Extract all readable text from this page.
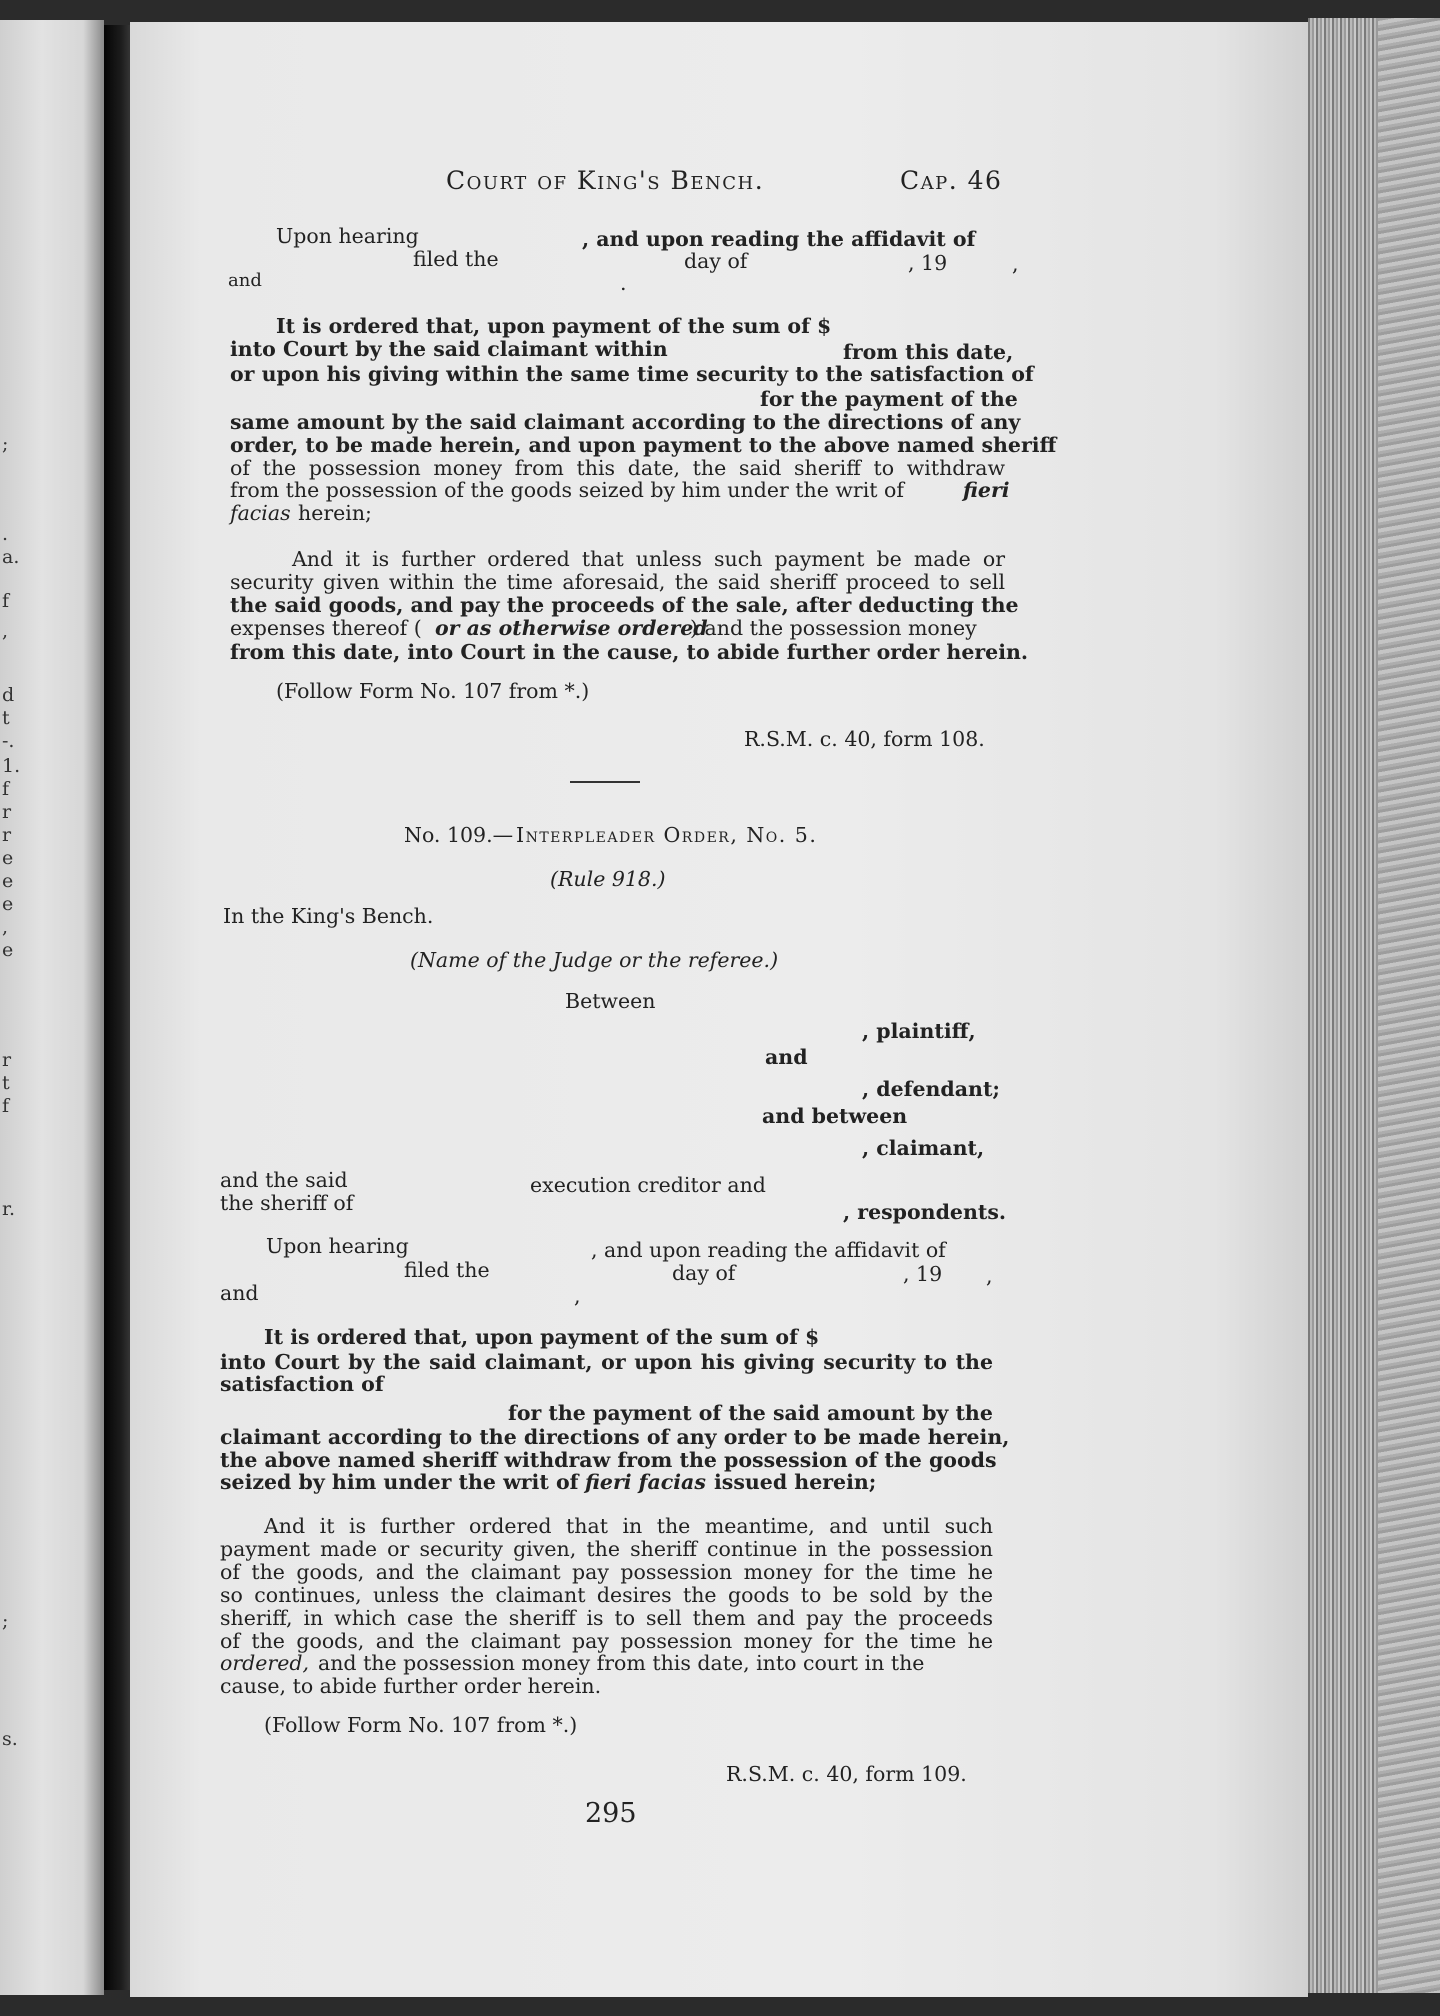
;
.
a.
f
,
d
t
-.
1.
f
r
r
e
e
e
,
e
r
t
f
r.
;
s.
Court of King's Bench.	Cap. 46
Upon hearing	, and upon reading the affidavit of
filed the	day of	, 19	,
and	.
It is ordered that, upon payment of the sum of $
into Court by the said claimant within	from this date,
or upon his giving within the same time security to the satisfaction of
for the payment of the
same amount by the said claimant according to the directions of any
order, to be made herein, and upon payment to the above named sheriff
of the possession money from this date, the said sheriff to withdraw
from the possession of the goods seized by him under the writ of	fieri
facias herein;
And it is further ordered that unless such payment be made or
security given within the time aforesaid, the said sheriff proceed to sell
the said goods, and pay the proceeds of the sale, after deducting the
expenses thereof ( or as otherwise ordered
) and the possession money
from this date, into Court in the cause, to abide further order herein.
(Follow Form No. 107 from *.)
R.S.M. c. 40, form 108.
No. 109.— Interpleader Order, No. 5.
(Rule 918.)
In the King's Bench.
(Name of the Judge or the referee.)
Between
, plaintiff,
and
, defendant;
and between
, claimant,
and the said	execution creditor and
the sheriff of	, respondents.
Upon hearing	, and upon reading the affidavit of
filed the	day of	, 19 ,
and	,
It is ordered that, upon payment of the sum of $
into Court by the said claimant, or upon his giving security to the
satisfaction of
for the payment of the said amount by the
claimant according to the directions of any order to be made herein,
the above named sheriff withdraw from the possession of the goods
seized by him under the writ of fieri facias issued herein;
And it is further ordered that in the meantime, and until such
payment made or security given, the sheriff continue in the possession
of the goods, and the claimant pay possession money for the time he
so continues, unless the claimant desires the goods to be sold by the
sheriff, in which case the sheriff is to sell them and pay the proceeds
of the goods, and the claimant pay possession money for the time he
ordered, and the possession money from this date, into court in the
cause, to abide further order herein.
(Follow Form No. 107 from *.)
R.S.M. c. 40, form 109.
295
